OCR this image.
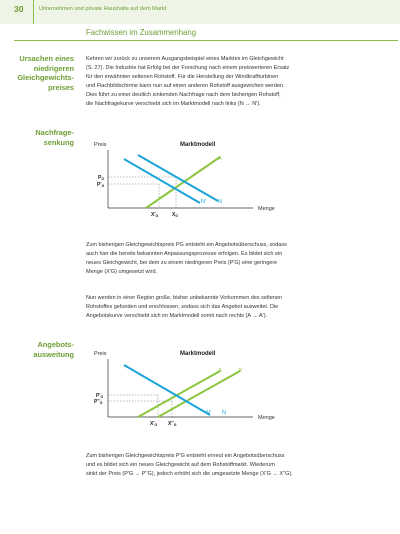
30	Unternehmen und private Haushalte auf dem Markt
Fachwissen im Zusammenhang
Ursachen eines
niedrigeren
Gleichgewichts-
preises
Nachfrage-
senkung
Angebots-
ausweitung
Kehren wir zurück zu unserem Ausgangsbeispiel eines Marktes im Gleichgewicht
(S. 27). Die Industrie hat Erfolg bei der Forschung nach einem preiswerteren Ersatz
für den erwähnten seltenen Rohstoff. Für die Herstellung der Windkraftturbinen
und Flachbildschirme kann nun auf einen anderen Rohstoff ausgewichen werden.
Dies führt zu einer deutlich sinkenden Nachfrage nach dem bisherigen Rohstoff,
die Nachfragekurve verschiebt sich im Marktmodell nach links (N → N').
Preis	Marktmodell
Menge
A
N' N
$P_G$
$P'_G$
$X'_G$	$X_G$
Zum bisherigen Gleichgewichtspreis PG entsteht ein Angebotsüberschuss, sodass
auch hier die bereits bekannten Anpassungsprozesse erfolgen. Es bildet sich ein
neues Gleichgewicht, bei dem zu einem niedrigeren Preis (P'G) eine geringere
Menge (X'G) umgesetzt wird.
Nun werden in einer Region große, bisher unbekannte Vorkommen des seltenen
Rohstoffes gefunden und erschlossen, sodass sich das Angebot ausweitet. Die
Angebotskurve verschiebt sich im Marktmodell somit nach rechts (A → A').
Preis	Marktmodell
Menge
A	A'
N' N
$P'_G$
$P''_G$
$X'_G$ $X''_G$
Zum bisherigen Gleichgewichtspreis P'G entsteht erneut ein Angebotsüberschuss
und es bildet sich ein neues Gleichgewicht auf dem Rohstoffmarkt. Wiederum
sinkt der Preis (P'G → P''G), jedoch erhöht sich die umgesetzte Menge (X'G → X''G).
